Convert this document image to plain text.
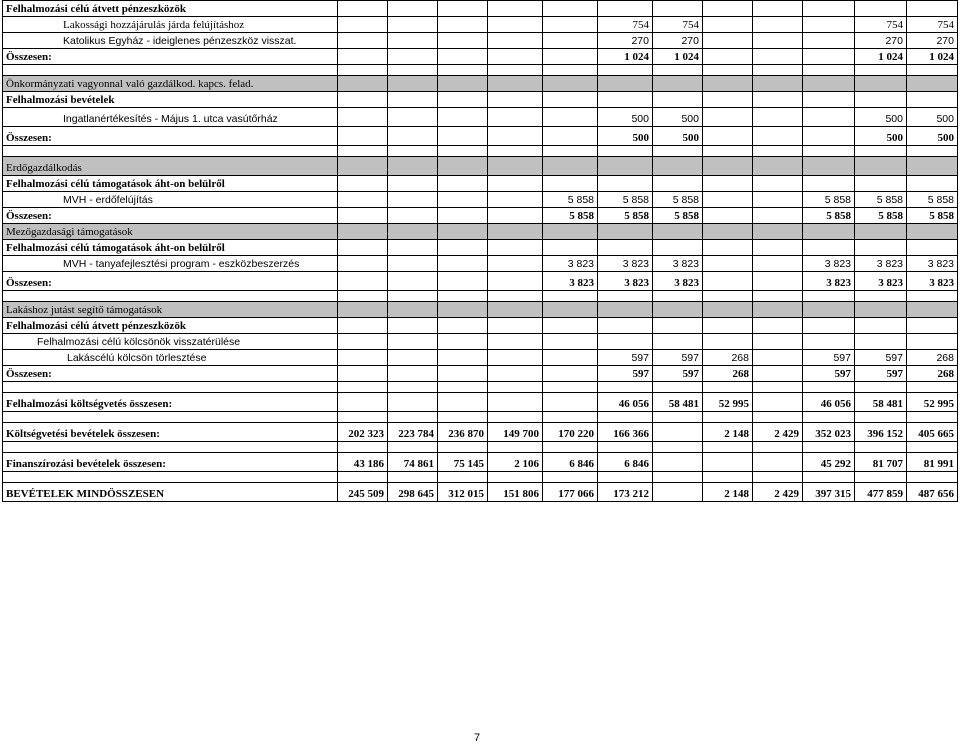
Felhalmozási célú átvett pénzeszközök												
Lakossági hozzájárulás járda felújításhoz						754	754				754	754
Katolikus Egyház - ideiglenes pénzeszköz visszat.						270	270				270	270
Összesen:						1 024	1 024				1 024	1 024

Önkormányzati vagyonnal való gazdálkod. kapcs. felad.												
Felhalmozási bevételek												
Ingatlanértékesítés - Május 1. utca vasútőrház						500	500				500	500
Összesen:						500	500				500	500

Erdőgazdálkodás												
Felhalmozási célú támogatások áht-on belülről												
MVH - erdőfelújítás					5 858	5 858	5 858			5 858	5 858	5 858
Összesen:					5 858	5 858	5 858			5 858	5 858	5 858
Mezőgazdasági támogatások												
Felhalmozási célú támogatások áht-on belülről												
MVH - tanyafejlesztési program - eszközbeszerzés					3 823	3 823	3 823			3 823	3 823	3 823
Összesen:					3 823	3 823	3 823			3 823	3 823	3 823

Lakáshoz jutást segítő támogatások												
Felhalmozási célú átvett pénzeszközök												
Felhalmozási célú kölcsönök visszatérülése												
Lakáscélú kölcsön törlesztése						597	597	268		597	597	268
Összesen:						597	597	268		597	597	268

Felhalmozási költségvetés összesen:						46 056	58 481	52 995		46 056	58 481	52 995

Költségvetési bevételek összesen:	202 323	223 784	236 870	149 700	170 220	166 366		2 148	2 429	352 023	396 152	405 665

Finanszírozási bevételek összesen:	43 186	74 861	75 145	2 106	6 846	6 846				45 292	81 707	81 991

BEVÉTELEK MINDÖSSZESEN	245 509	298 645	312 015	151 806	177 066	173 212		2 148	2 429	397 315	477 859	487 656
7
